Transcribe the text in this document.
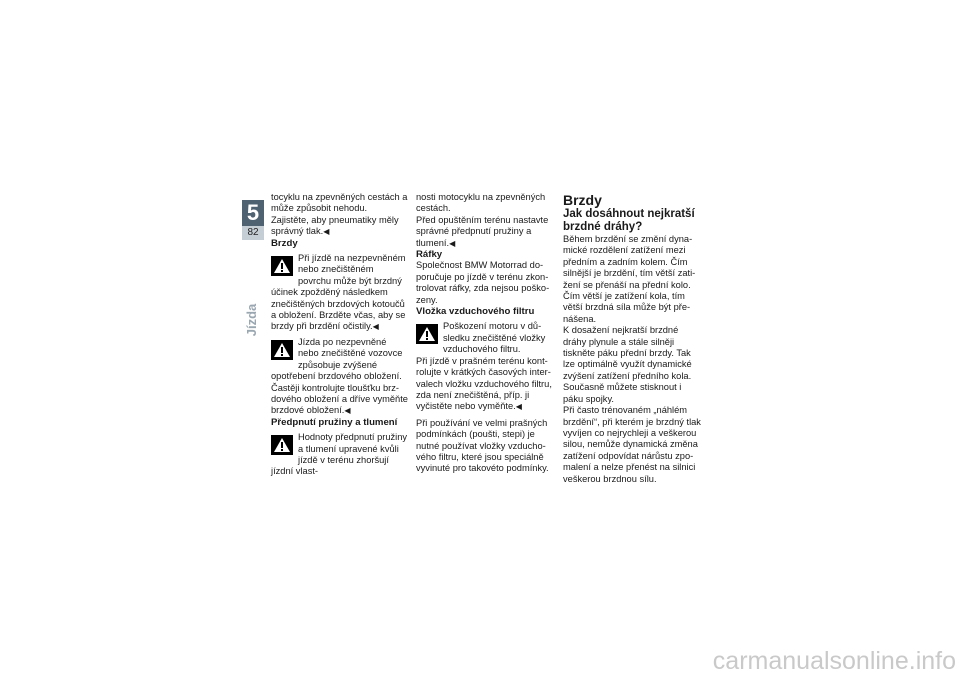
5
82
Jízda

tocyklu na zpevněných cestách a může způsobit nehodu.

Zajistěte, aby pneumatiky měly správný tlak.◀

Brzdy

Při jízdě na nezpevněném nebo znečištěném povrchu může být brzdný účinek zpožděný následkem znečištěných brzdových kotoučů a obložení. Brzděte včas, aby se brzdy při brzdění očistily.◀

Jízda po nezpevněné nebo znečištěné vozovce způsobuje zvýšené opotřebení brzdového obložení.

Častěji kontrolujte tloušťku brzdového obložení a dříve vyměňte brzdové obložení.◀

Předpnutí pružiny a tlumení

Hodnoty předpnutí pružiny a tlumení upravené kvůli jízdě v terénu zhoršují jízdní vlast-

nosti motocyklu na zpevněných cestách.

Před opuštěním terénu nastavte správné předpnutí pružiny a tlumení.◀

Ráfky

Společnost BMW Motorrad doporučuje po jízdě v terénu zkontrolovat ráfky, zda nejsou poškozeny.

Vložka vzduchového filtru

Poškození motoru v důsledku znečištěné vložky vzduchového filtru.

Při jízdě v prašném terénu kontrolujte v krátkých časových intervalech vložku vzduchového filtru, zda není znečištěná, příp. ji vyčistěte nebo vyměňte.◀

Při používání ve velmi prašných podmínkách (poušti, stepi) je nutné používat vložky vzduchového filtru, které jsou speciálně vyvinuté pro takovéto podmínky.

Brzdy

Jak dosáhnout nejkratší brzdné dráhy?

Během brzdění se změní dynamické rozdělení zatížení mezi předním a zadním kolem. Čím silnější je brzdění, tím větší zatižení se přenáší na přední kolo. Čím větší je zatížení kola, tím větší brzdná síla může být přenášena.

K dosažení nejkratší brzdné dráhy plynule a stále silněji tiskněte páku přední brzdy. Tak lze optimálně využít dynamické zvýšení zatížení předního kola. Současně můžete stisknout i páku spojky.

Při často trénovaném „náhlém brzdění“, při kterém je brzdný tlak vyvíjen co nejrychleji a veškerou silou, nemůže dynamická změna zatížení odpovídat nárůstu zpomalení a nelze přenést na silnici veškerou brzdnou sílu.

carmanualsonline.info
